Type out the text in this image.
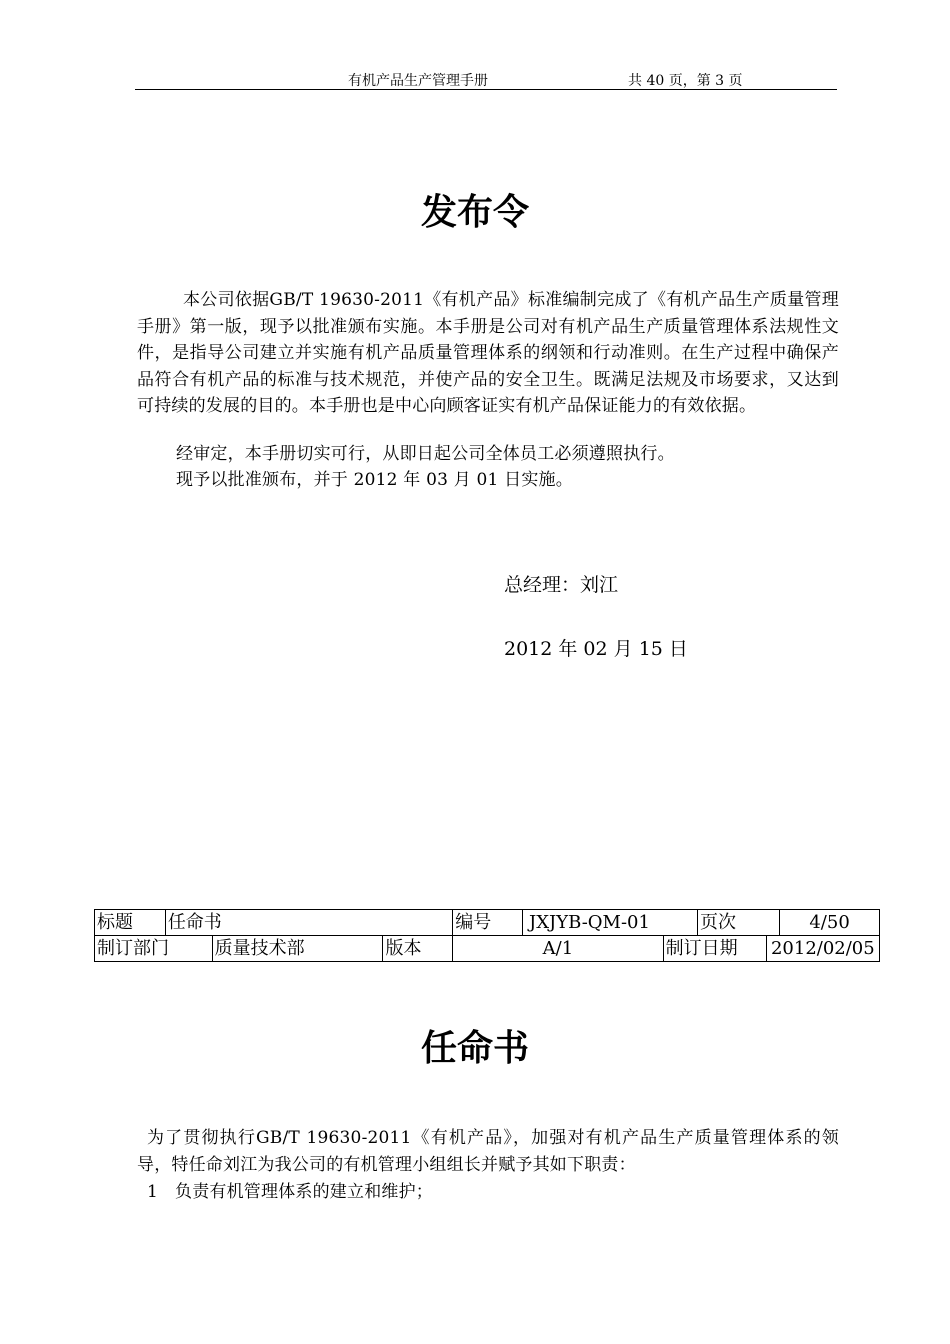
有机产品生产管理手册	共 40 页，第 3 页
发布令
本公司依据GB/T 19630-2011《有机产品》标准编制完成了《有机产品生产质量管理手册》第一版，现予以批准颁布实施。本手册是公司对有机产品生产质量管理体系法规性文件，是指导公司建立并实施有机产品质量管理体系的纲领和行动准则。在生产过程中确保产品符合有机产品的标准与技术规范，并使产品的安全卫生。既满足法规及市场要求，又达到可持续的发展的目的。本手册也是中心向顾客证实有机产品保证能力的有效依据。
经审定，本手册切实可行，从即日起公司全体员工必须遵照执行。
现予以批准颁布，并于 2012 年 03 月 01 日实施。
总经理：刘江
2012 年 02 月 15 日
标题	任命书			编号	JXJYB-QM-01		页次		4/50
制订部门		质量技术部	版本	A/1		制订日期		2012/02/05	
任命书
为了贯彻执行GB/T 19630-2011《有机产品》，加强对有机产品生产质量管理体系的领导，特任命刘江为我公司的有机管理小组组长并赋予其如下职责：
1 负责有机管理体系的建立和维护；
